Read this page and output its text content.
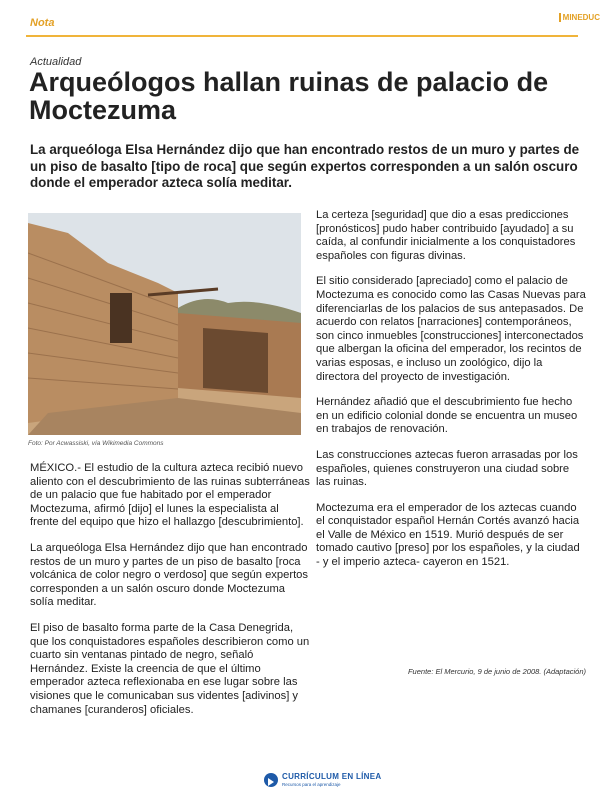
Nota	MINEDUC
Actualidad
Arqueólogos hallan ruinas de palacio de Moctezuma

La arqueóloga Elsa Hernández dijo que han encontrado restos de un muro y partes de un piso de basalto [tipo de roca] que según expertos corresponden a un salón oscuro donde el emperador azteca solía meditar.

Foto: Por Acwassiski, vía Wikimedia Commons

MÉXICO.- El estudio de la cultura azteca recibió nuevo aliento con el descubrimiento de las ruinas subterráneas de un palacio que fue habitado por el emperador Moctezuma, afirmó [dijo] el lunes la especialista al frente del equipo que hizo el hallazgo [descubrimiento].

La arqueóloga Elsa Hernández dijo que han encontrado restos de un muro y partes de un piso de basalto [roca volcánica de color negro o verdoso] que según expertos corresponden a un salón oscuro donde Moctezuma solía meditar.

El piso de basalto forma parte de la Casa Denegrida, que los conquistadores españoles describieron como un cuarto sin ventanas pintado de negro, señaló Hernández. Existe la creencia de que el último emperador azteca reflexionaba en ese lugar sobre las visiones que le comunicaban sus videntes [adivinos] y chamanes [curanderos] oficiales.

La certeza [seguridad] que dio a esas predicciones [pronósticos] pudo haber contribuido [ayudado] a su caída, al confundir inicialmente a los conquistadores españoles con figuras divinas.

El sitio considerado [apreciado] como el palacio de Moctezuma es conocido como las Casas Nuevas para diferenciarlas de los palacios de sus antepasados. De acuerdo con relatos [narraciones] contemporáneos, son cinco inmuebles [construcciones] interconectados que albergan la oficina del emperador, los recintos de varias esposas, e incluso un zoológico, dijo la directora del proyecto de investigación.

Hernández añadió que el descubrimiento fue hecho en un edificio colonial donde se encuentra un museo en trabajos de renovación.

Las construcciones aztecas fueron arrasadas por los españoles, quienes construyeron una ciudad sobre las ruinas.

Moctezuma era el emperador de los aztecas cuando el conquistador español Hernán Cortés avanzó hacia el Valle de México en 1519. Murió después de ser tomado cautivo [preso] por los españoles, y la ciudad - y el imperio azteca- cayeron en 1521.

Fuente: El Mercurio, 9 de junio de 2008. (Adaptación)
CURRÍCULUM EN LÍNEA
Recursos para el aprendizaje
